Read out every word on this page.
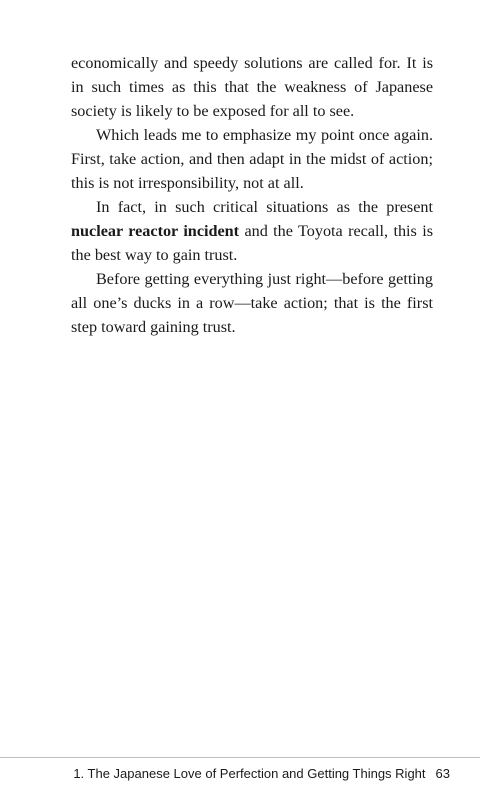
economically and speedy solutions are called for. It is in such times as this that the weakness of Japanese society is likely to be exposed for all to see.

Which leads me to emphasize my point once again. First, take action, and then adapt in the midst of action; this is not irresponsibility, not at all.

In fact, in such critical situations as the present nuclear reactor incident and the Toyota recall, this is the best way to gain trust.

Before getting everything just right—before getting all one’s ducks in a row—take action; that is the first step toward gaining trust.

1. The Japanese Love of Perfection and Getting Things Right 63
